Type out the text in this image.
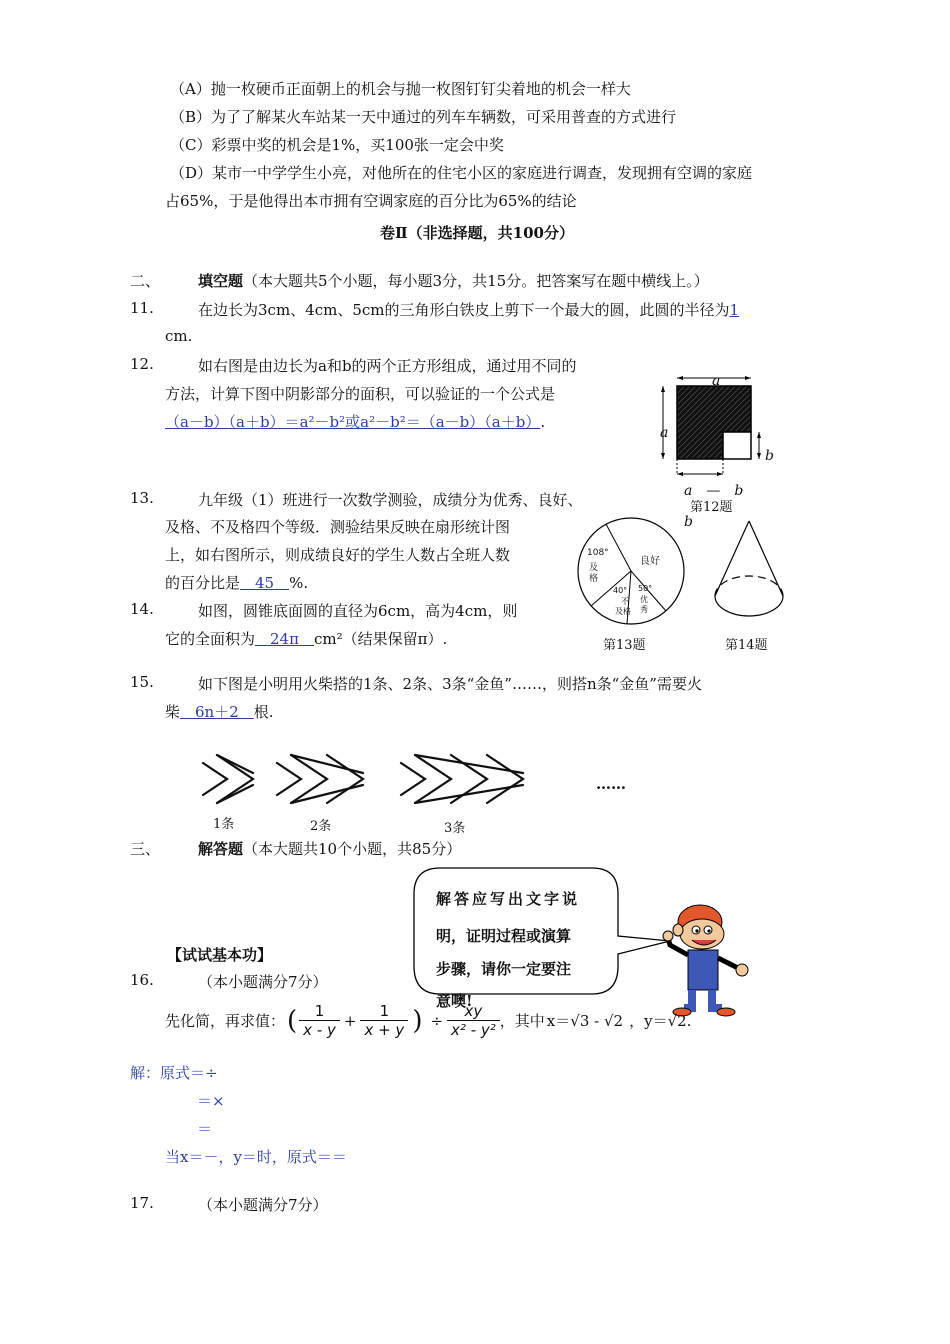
（A）抛一枚硬币正面朝上的机会与抛一枚图钉钉尖着地的机会一样大
（B）为了了解某火车站某一天中通过的列车车辆数，可采用普查的方式进行
（C）彩票中奖的机会是1%，买100张一定会中奖
（D）某市一中学学生小亮，对他所在的住宅小区的家庭进行调查，发现拥有空调的家庭
占65%，于是他得出本市拥有空调家庭的百分比为65%的结论
卷Ⅱ（非选择题，共100分）
二、	填空题（本大题共5个小题，每小题3分，共15分。把答案写在题中横线上。）
11.	在边长为3cm、4cm、5cm的三角形白铁皮上剪下一个最大的圆，此圆的半径为1
cm.
12.	如右图是由边长为a和b的两个正方形组成，通过用不同的
方法，计算下图中阴影部分的面积，可以验证的一个公式是
（a－b）（a＋b）＝a²－b²或a²－b²＝（a－b）（a＋b）.
a
a
b
a　—　b
b
第12题
13.	九年级（1）班进行一次数学测验，成绩分为优秀、良好、
及格、不及格四个等级．测验结果反映在扇形统计图
上，如右图所示，则成绩良好的学生人数占全班人数
的百分比是　45　%.
108°
及
格
良好
40°
不
及格
50°
优
秀
第13题	第14题
14.	如图，圆锥底面圆的直径为6cm，高为4cm，则
它的全面积为　24π　cm²（结果保留π）.
15.	如下图是小明用火柴搭的1条、2条、3条“金鱼”……，则搭n条“金鱼”需要火
柴　6n＋2　根.
1条	2条	3条
……
三、	解答题（本大题共10个小题，共85分）
解答应写出文字说
明，证明过程或演算
步骤，请你一定要注
意噢!
【试试基本功】
16.	（本小题满分7分）
先化简，再求值： ( $\frac{1}{x - y} + \frac{1}{x + y}$ ) ÷ $\frac{xy}{\text{x² - y²}}$ ，其中 x＝√3 - √2 ， y＝√2 .
解：原式＝÷
＝×
＝
当x＝－，y＝时，原式＝＝
17.	（本小题满分7分）
